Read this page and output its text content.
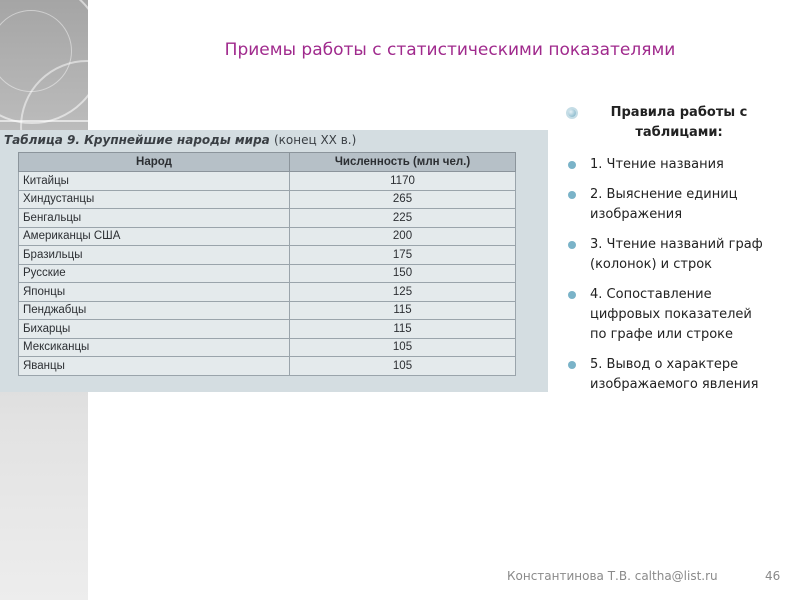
Приемы работы с статистическими показателями
Таблица 9. Крупнейшие народы мира (конец XX в.)
Народ	Численность (млн чел.)
Китайцы	1170
Хиндустанцы	265
Бенгальцы	225
Американцы США	200
Бразильцы	175
Русские	150
Японцы	125
Пенджабцы	115
Бихарцы	115
Мексиканцы	105
Яванцы	105
Правила работы с таблицами:
1. Чтение названия
2. Выяснение единиц изображения
3. Чтение названий граф (колонок) и строк
4. Сопоставление цифровых показателей по графе или строке
5. Вывод о характере изображаемого явления
Константинова Т.В. caltha@list.ru	46
